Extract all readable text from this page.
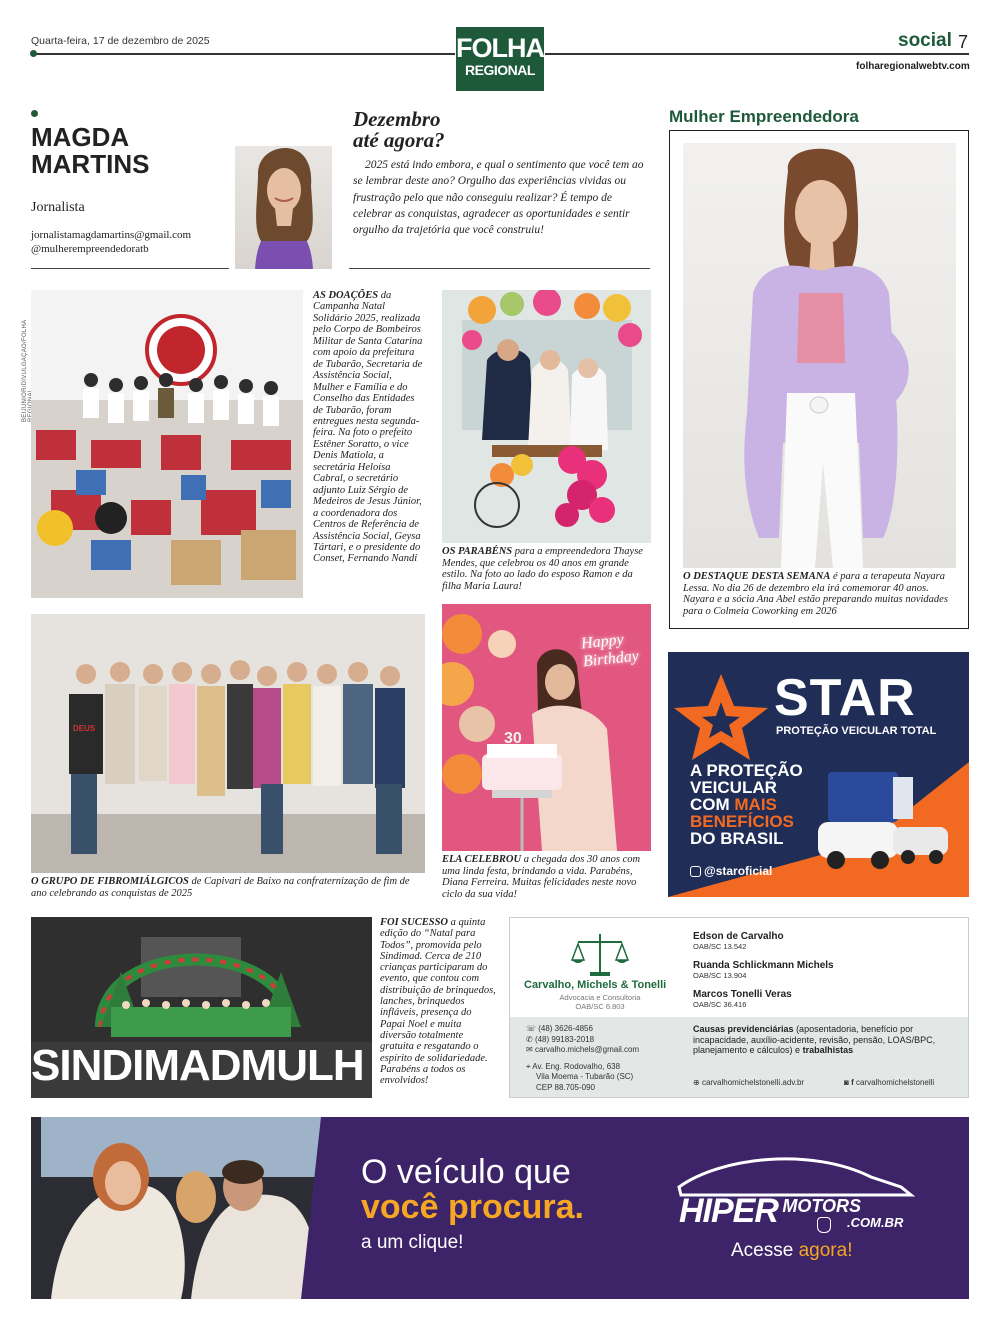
Quarta-feira, 17 de dezembro de 2025	FOLHA
REGIONAL
social 7
folharegionalwebtv.com
MAGDA
MARTINS
Jornalista
jornalistamagdamartins@gmail.com
@mulherempreendedoratb
Dezembro
até agora?
2025 está indo embora, e qual o sentimento que você tem ao se lembrar deste ano? Orgulho das experiências vividas ou frustração pelo que não conseguiu realizar? É tempo de celebrar as conquistas, agradecer as oportunidades e sentir orgulho da trajetória que você construiu!
Mulher Empreendedora
O DESTAQUE DESTA SEMANA é para a terapeuta Nayara Lessa. No dia 26 de dezembro ela irá comemorar 40 anos. Nayara e a sócia Ana Abel estão preparando muitas novidades para o Colmeia Coworking em 2026
BEIJÚNIOR/DIVULGAÇÃO/FOLHA
AS DOAÇÕES da Campanha Natal Solidário 2025, realizada pelo Corpo de Bombeiros Militar de Santa Catarina com apoio da prefeitura de Tubarão, Secretaria de Assistência Social, Mulher e Família e do Conselho das Entidades de Tubarão, foram entregues nesta segunda-feira. Na foto o prefeito Estêner Soratto, o vice Denis Matiola, a secretária Heloísa Cabral, o secretário adjunto Luiz Sérgio de Medeiros de Jesus Júnior, a coordenadora dos Centros de Referência de Assistência Social, Geysa Tártari, e o presidente do Conset, Fernando Nandi
OS PARABÉNS para a empreendedora Thayse Mendes, que celebrou os 40 anos em grande estilo. Na foto ao lado do esposo Ramon e da filha Maria Laura!
DEUS
O GRUPO DE FIBROMIÁLGICOS de Capivari de Baixo na confraternização de fim de ano celebrando as conquistas de 2025
Happy Birthday
30
ELA CELEBROU a chegada dos 30 anos com uma linda festa, brindando a vida. Parabéns, Diana Ferreira. Muitas felicidades neste novo ciclo da sua vida!
STAR
PROTEÇÃO VEICULAR TOTAL
A PROTEÇÃO
VEICULAR
COM MAIS
BENEFÍCIOS
DO BRASIL
@staroficial
SINDIMADMULH
FOI SUCESSO a quinta edição do “Natal para Todos”, promovida pelo Sindimad. Cerca de 210 crianças participaram do evento, que contou com distribuição de brinquedos, lanches, brinquedos infláveis, presença do Papai Noel e muita diversão totalmente gratuita e resgatando o espírito de solidariedade. Parabéns a todos os envolvidos!
Carvalho, Michels & Tonelli
Advocacia e Consultoria
OAB/SC 6.803
Edson de Carvalho
OAB/SC 13.542
Ruanda Schlickmann Michels
OAB/SC 13.904
Marcos Tonelli Veras
OAB/SC 36.416
☏ (48) 3626-4856
✆ (48) 99183-2018
✉ carvalho.michels@gmail.com
⌖ Av. Eng. Rodovalho, 638
Vila Moema - Tubarão (SC)
CEP 88.705-090
Causas previdenciárias (aposentadoria, benefício por incapacidade, auxílio-acidente, revisão, pensão, LOAS/BPC, planejamento e cálculos) e trabalhistas
⊕ carvalhomichelstonelli.adv.br	◙ f carvalhomichelstonelli
O veículo que
você procura.
a um clique!
HIPER MOTORS
.COM.BR
Acesse agora!
